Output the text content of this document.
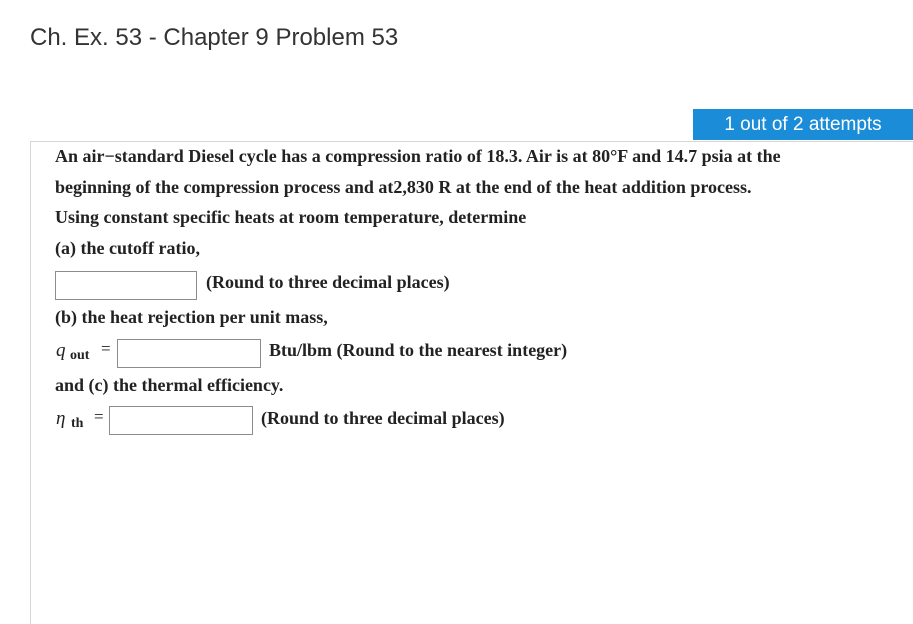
Ch. Ex. 53 - Chapter 9 Problem 53
1 out of 2 attempts
An air−standard Diesel cycle has a compression ratio of 18.3. Air is at 80°F and 14.7 psia at the
beginning of the compression process and at2,830 R at the end of the heat addition process.
Using constant specific heats at room temperature, determine
(a) the cutoff ratio,
(Round to three decimal places)
(b) the heat rejection per unit mass,
q out =	Btu/lbm (Round to the nearest integer)
and (c) the thermal efficiency.
η th =	(Round to three decimal places)
